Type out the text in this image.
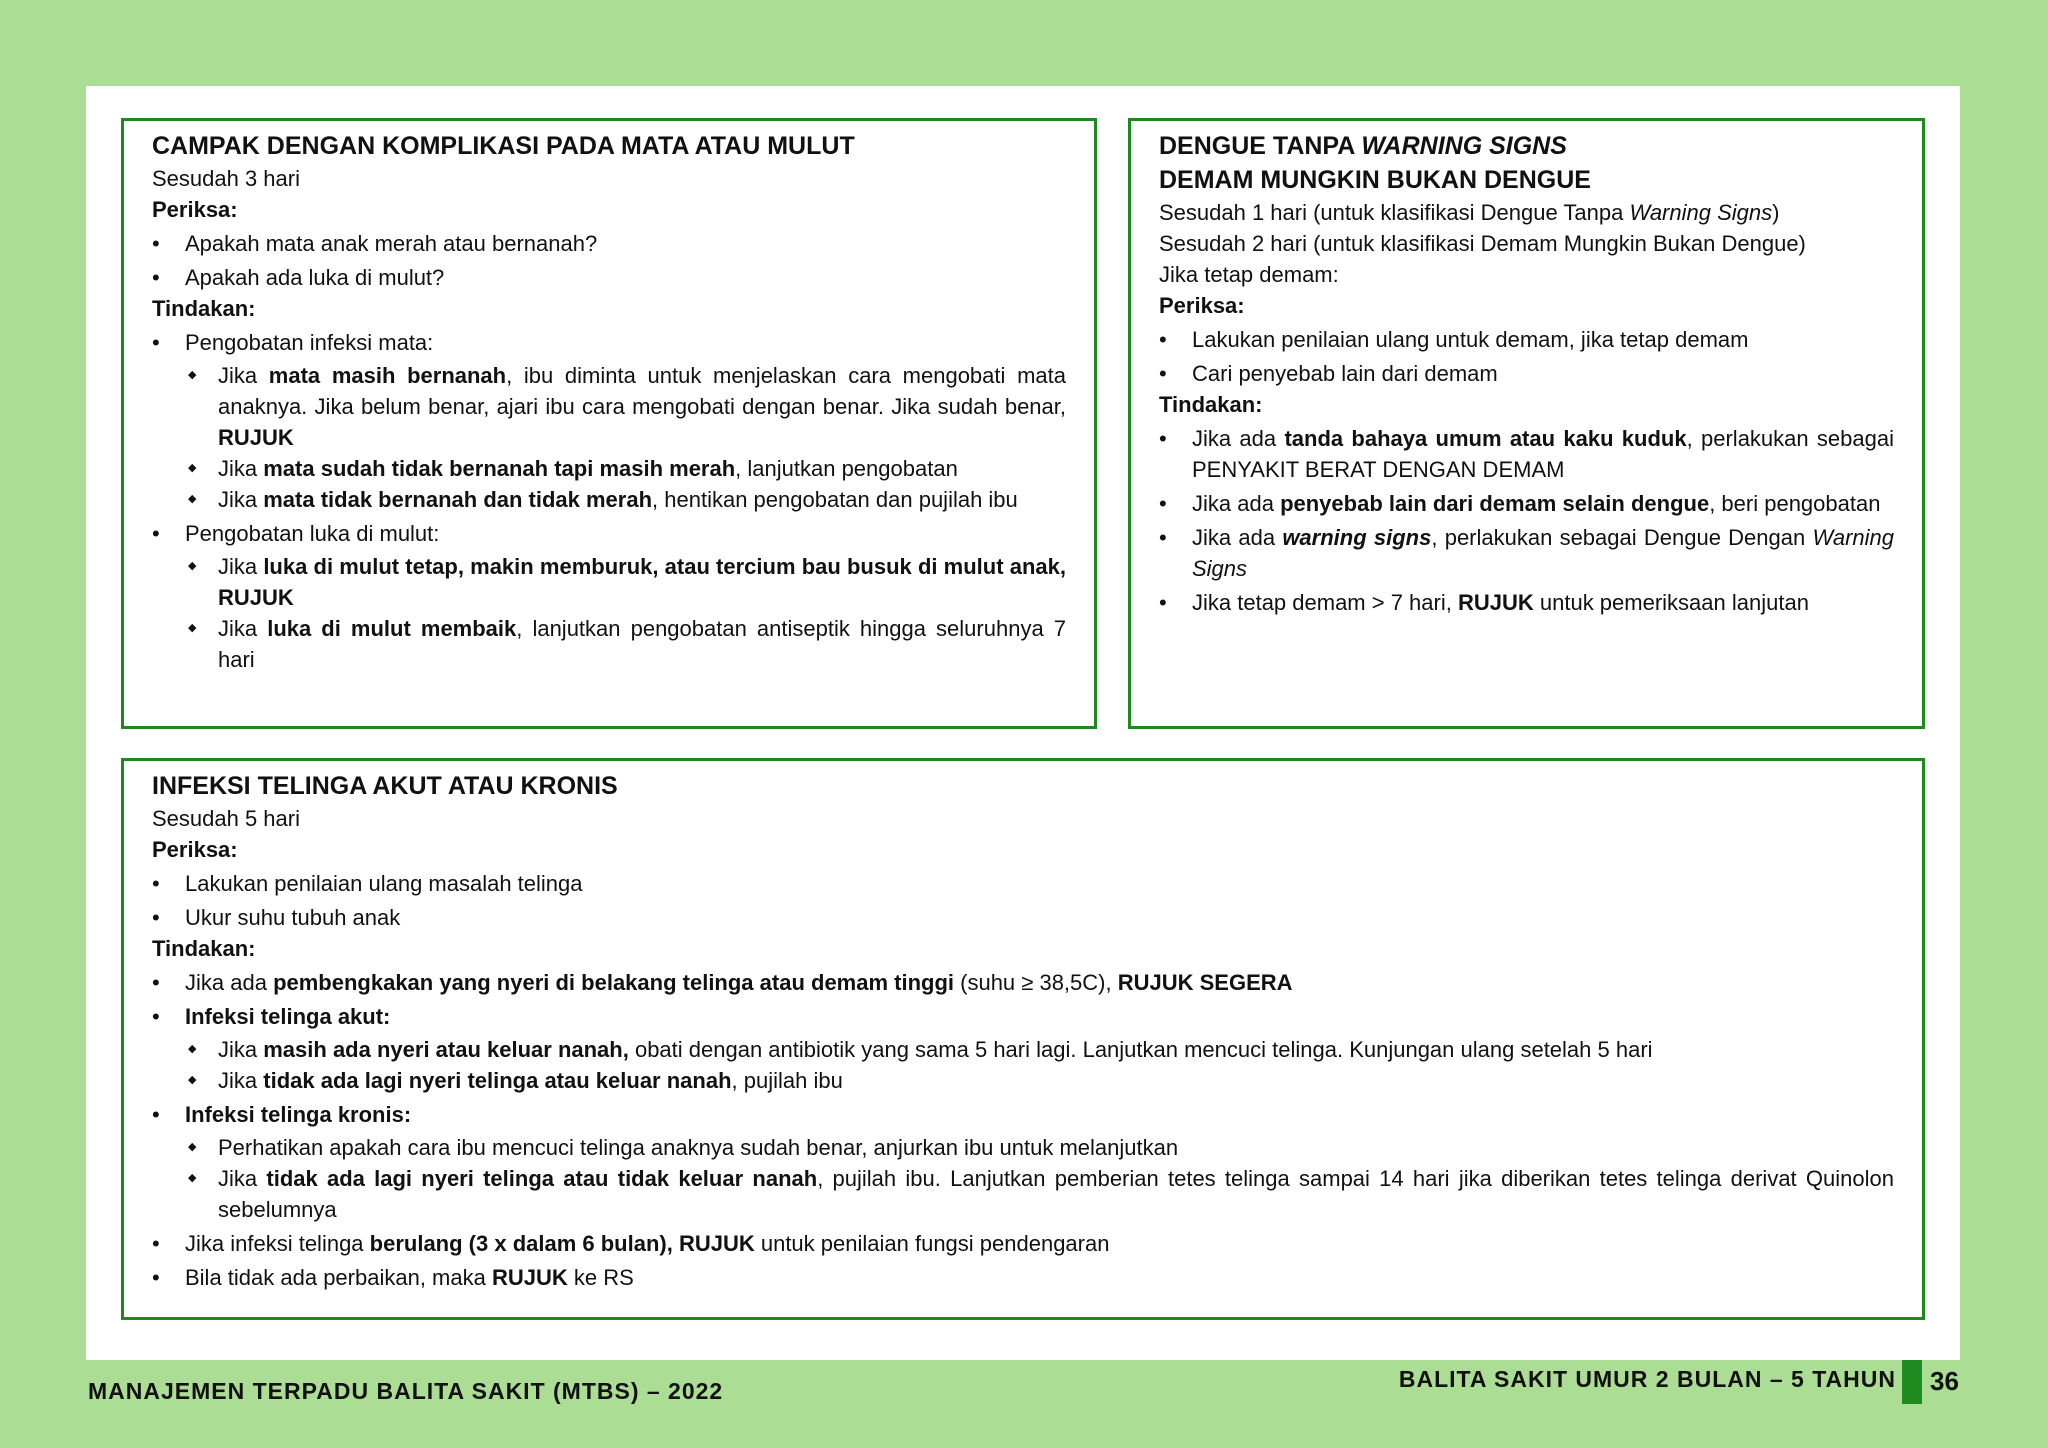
CAMPAK DENGAN KOMPLIKASI PADA MATA ATAU MULUT
Sesudah 3 hari
Periksa:
• Apakah mata anak merah atau bernanah?
• Apakah ada luka di mulut?
Tindakan:
• Pengobatan infeksi mata:
◆ Jika mata masih bernanah, ibu diminta untuk menjelaskan cara mengobati mata anaknya. Jika belum benar, ajari ibu cara mengobati dengan benar. Jika sudah benar, RUJUK
◆ Jika mata sudah tidak bernanah tapi masih merah, lanjutkan pengobatan
◆ Jika mata tidak bernanah dan tidak merah, hentikan pengobatan dan pujilah ibu
• Pengobatan luka di mulut:
◆ Jika luka di mulut tetap, makin memburuk, atau tercium bau busuk di mulut anak, RUJUK
◆ Jika luka di mulut membaik, lanjutkan pengobatan antiseptik hingga seluruhnya 7 hari
DENGUE TANPA WARNING SIGNS
DEMAM MUNGKIN BUKAN DENGUE
Sesudah 1 hari (untuk klasifikasi Dengue Tanpa Warning Signs)
Sesudah 2 hari (untuk klasifikasi Demam Mungkin Bukan Dengue)
Jika tetap demam:
Periksa:
• Lakukan penilaian ulang untuk demam, jika tetap demam
• Cari penyebab lain dari demam
Tindakan:
• Jika ada tanda bahaya umum atau kaku kuduk, perlakukan sebagai PENYAKIT BERAT DENGAN DEMAM
• Jika ada penyebab lain dari demam selain dengue, beri pengobatan
• Jika ada warning signs, perlakukan sebagai Dengue Dengan Warning Signs
• Jika tetap demam > 7 hari, RUJUK untuk pemeriksaan lanjutan
INFEKSI TELINGA AKUT ATAU KRONIS
Sesudah 5 hari
Periksa:
• Lakukan penilaian ulang masalah telinga
• Ukur suhu tubuh anak
Tindakan:
• Jika ada pembengkakan yang nyeri di belakang telinga atau demam tinggi (suhu ≥ 38,5C), RUJUK SEGERA
• Infeksi telinga akut:
◆ Jika masih ada nyeri atau keluar nanah, obati dengan antibiotik yang sama 5 hari lagi. Lanjutkan mencuci telinga. Kunjungan ulang setelah 5 hari
◆ Jika tidak ada lagi nyeri telinga atau keluar nanah, pujilah ibu
• Infeksi telinga kronis:
◆ Perhatikan apakah cara ibu mencuci telinga anaknya sudah benar, anjurkan ibu untuk melanjutkan
◆ Jika tidak ada lagi nyeri telinga atau tidak keluar nanah, pujilah ibu. Lanjutkan pemberian tetes telinga sampai 14 hari jika diberikan tetes telinga derivat Quinolon sebelumnya
• Jika infeksi telinga berulang (3 x dalam 6 bulan), RUJUK untuk penilaian fungsi pendengaran
• Bila tidak ada perbaikan, maka RUJUK ke RS
MANAJEMEN TERPADU BALITA SAKIT (MTBS) – 2022	BALITA SAKIT UMUR 2 BULAN – 5 TAHUN 36
